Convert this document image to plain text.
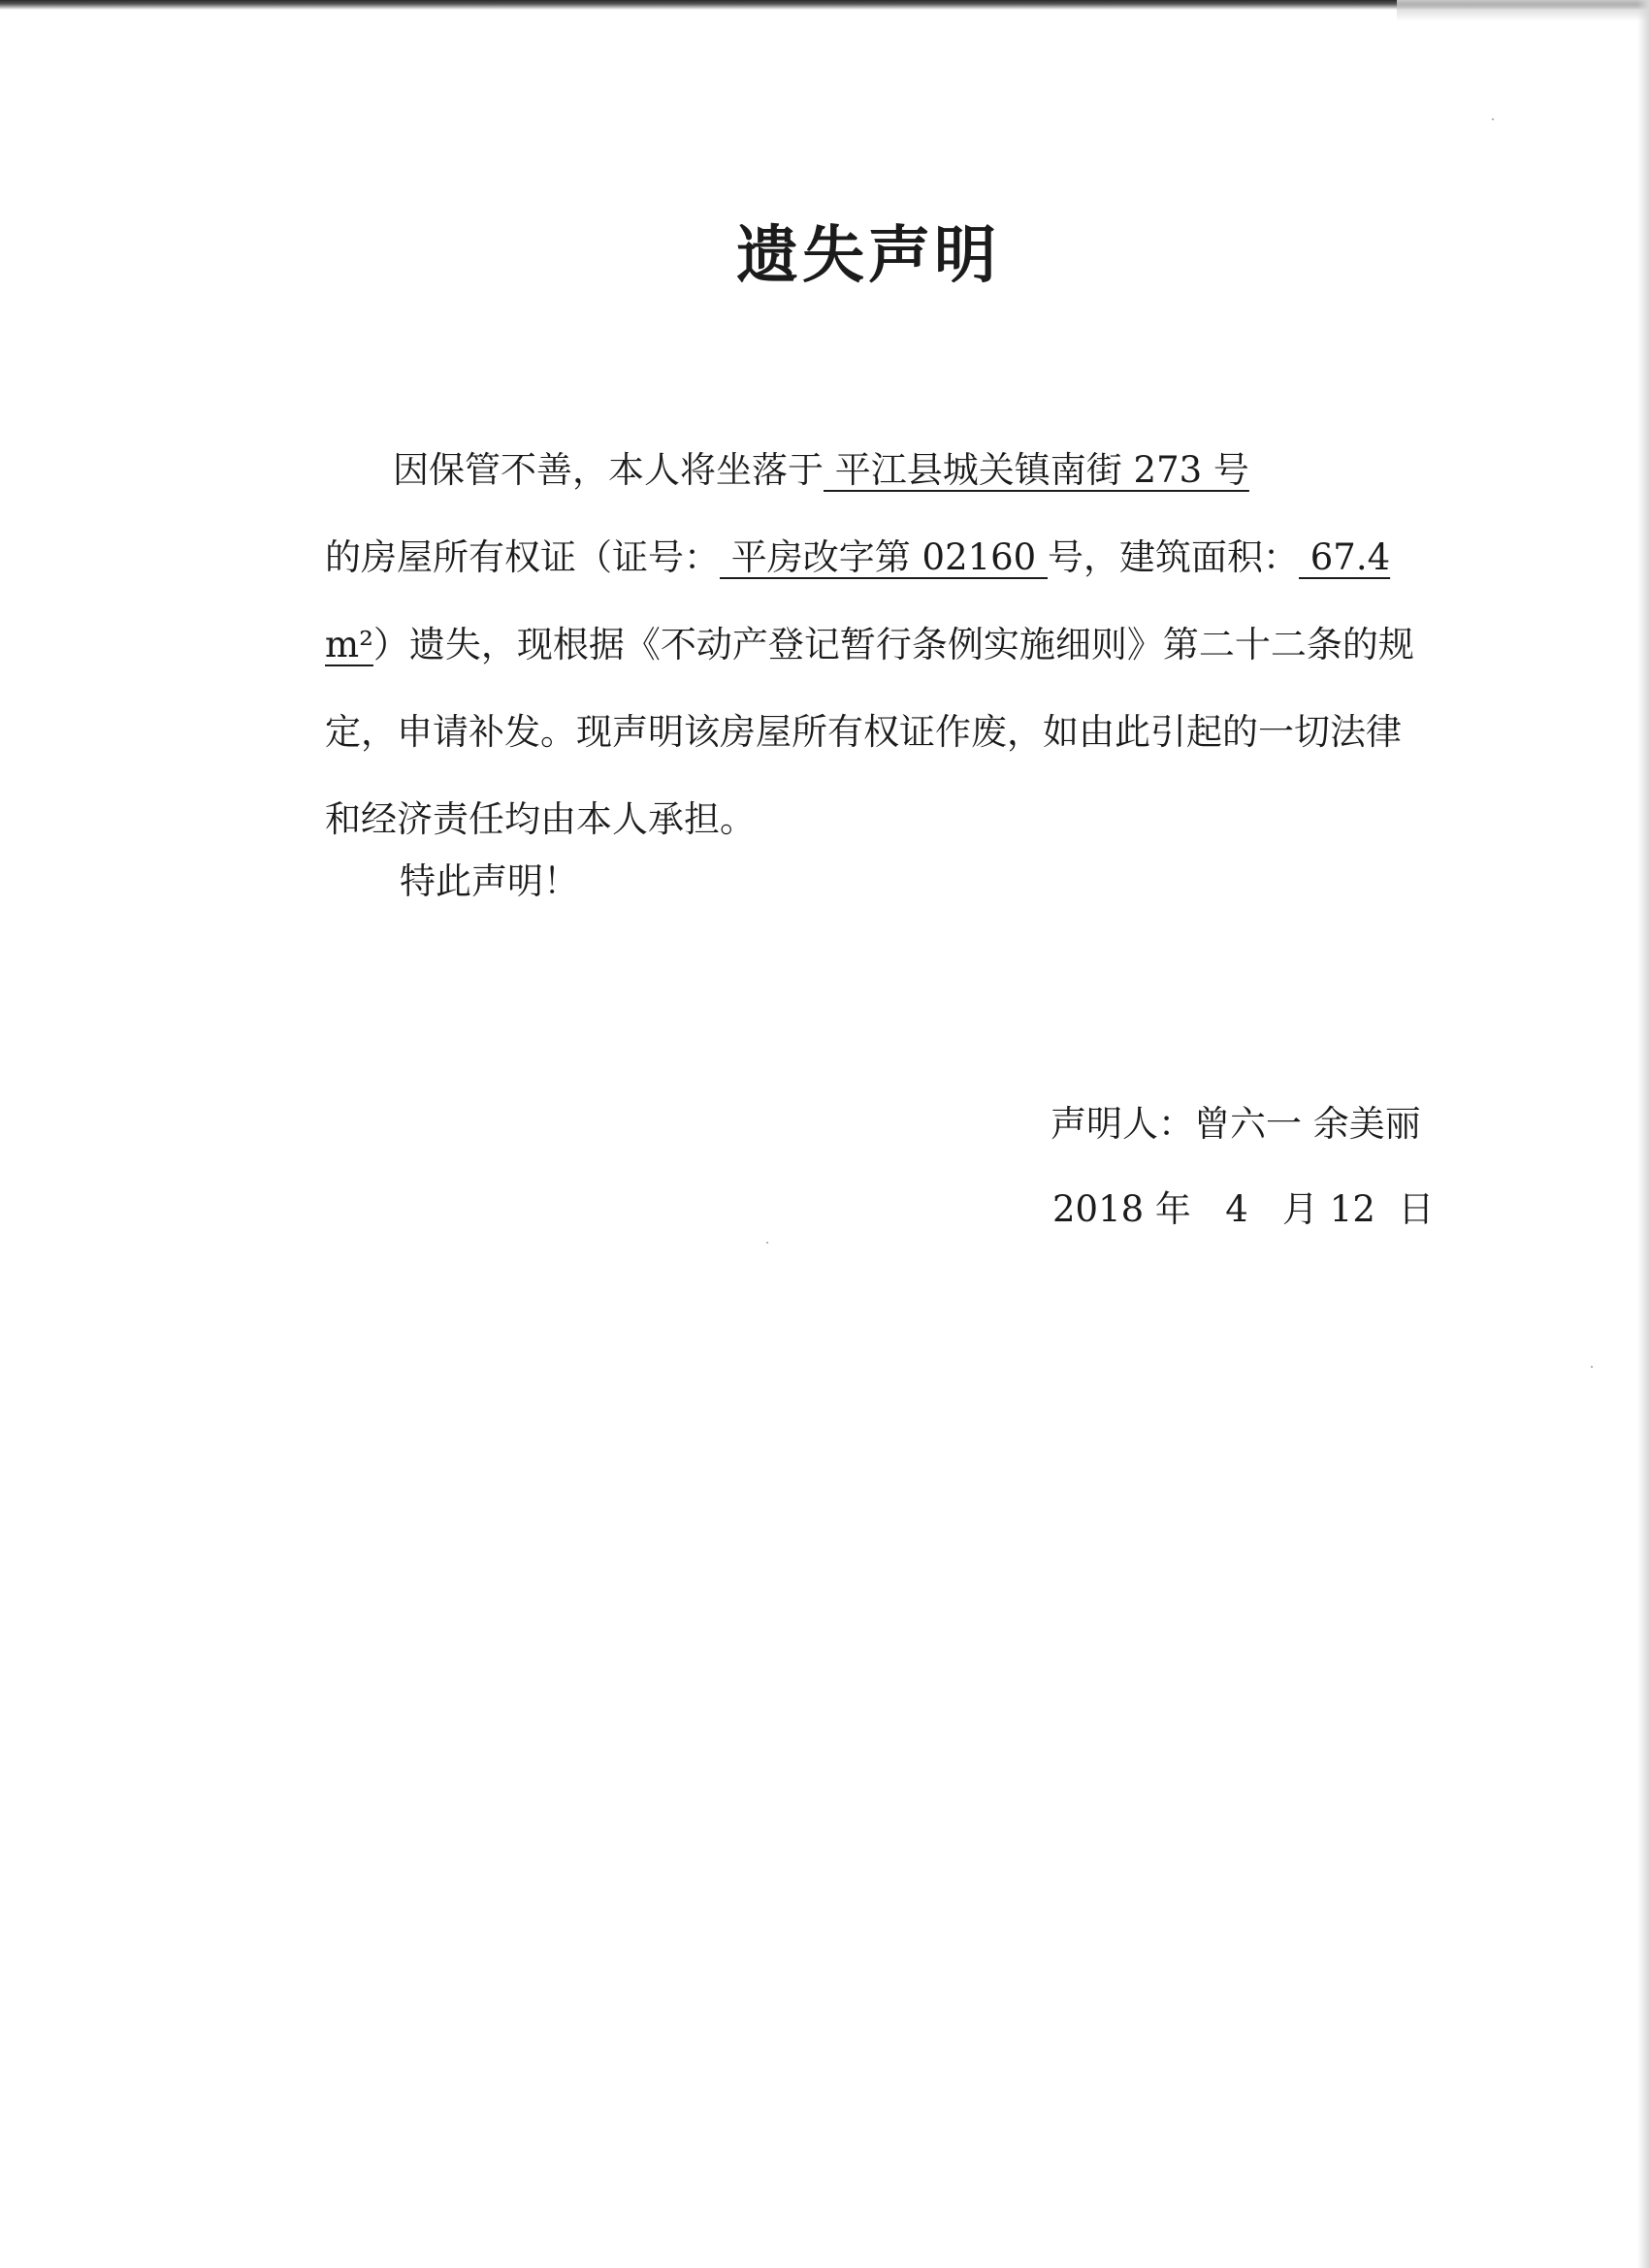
遗失声明
因保管不善，本人将坐落于 平江县城关镇南街 273 号
的房屋所有权证（证号： 平房改字第 02160 号，建筑面积： 67.4
m²）遗失，现根据《不动产登记暂行条例实施细则》第二十二条的规
定，申请补发。现声明该房屋所有权证作废，如由此引起的一切法律
和经济责任均由本人承担。

特此声明！

声明人：曾六一 余美丽

2018 年   4   月 12  日
